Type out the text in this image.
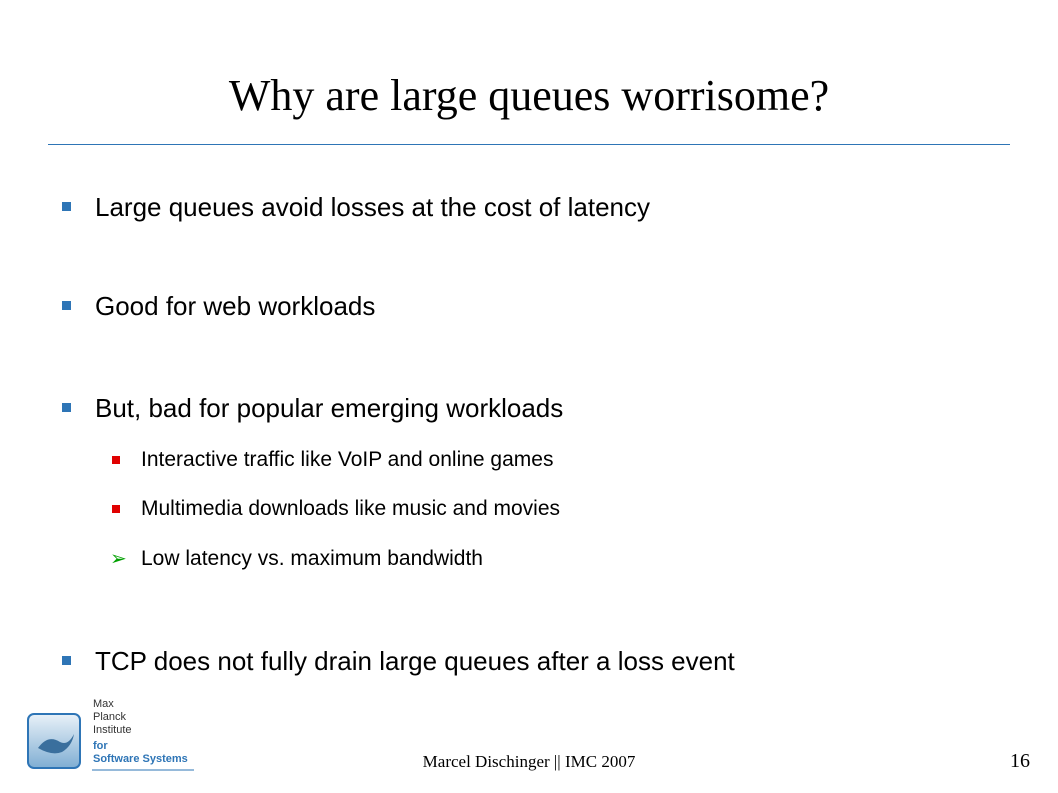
Why are large queues worrisome?
Large queues avoid losses at the cost of latency
Good for web workloads
But, bad for popular emerging workloads
Interactive traffic like VoIP and online games
Multimedia downloads like music and movies
➢ Low latency vs. maximum bandwidth
TCP does not fully drain large queues after a loss event
Max
Planck
Institute
for
Software Systems	Marcel Dischinger || IMC 2007	16
